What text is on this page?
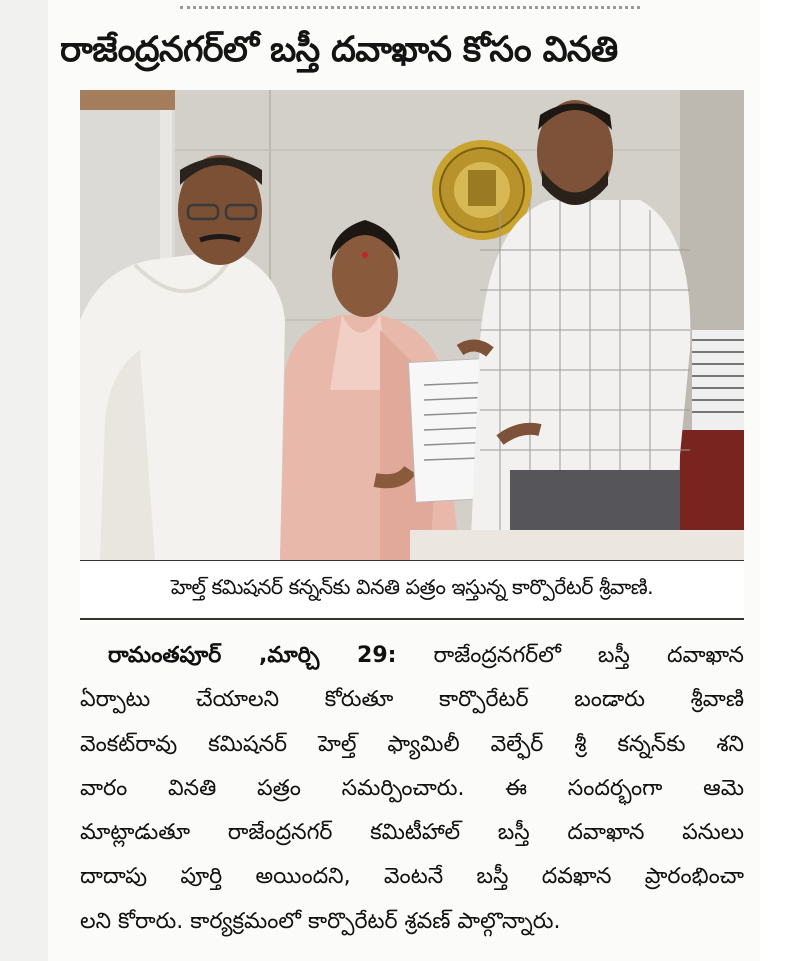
రాజేంద్రనగర్‌లో బస్తీ దవాఖాన కోసం వినతి
హెల్త్ కమిషనర్ కన్నన్‌కు వినతి పత్రం ఇస్తున్న కార్పొరేటర్ శ్రీవాణి.
రామంతపూర్ ,మార్చి 29: రాజేంద్రనగర్‌లో బస్తీ దవాఖాన
ఏర్పాటు చేయాలని కోరుతూ కార్పొరేటర్ బండారు శ్రీవాణి
వెంకట్‌రావు కమిషనర్ హెల్త్ ఫ్యామిలీ వెల్ఫేర్ శ్రీ కన్నన్‌కు శని
వారం వినతి పత్రం సమర్పించారు. ఈ సందర్భంగా ఆమె
మాట్లాడుతూ రాజేంద్రనగర్ కమిటీహాల్ బస్తీ దవాఖాన పనులు
దాదాపు పూర్తి అయిందని, వెంటనే బస్తీ దవఖాన ప్రారంభించా
లని కోరారు. కార్యక్రమంలో కార్పొరేటర్ శ్రవణ్ పాల్గొన్నారు.
